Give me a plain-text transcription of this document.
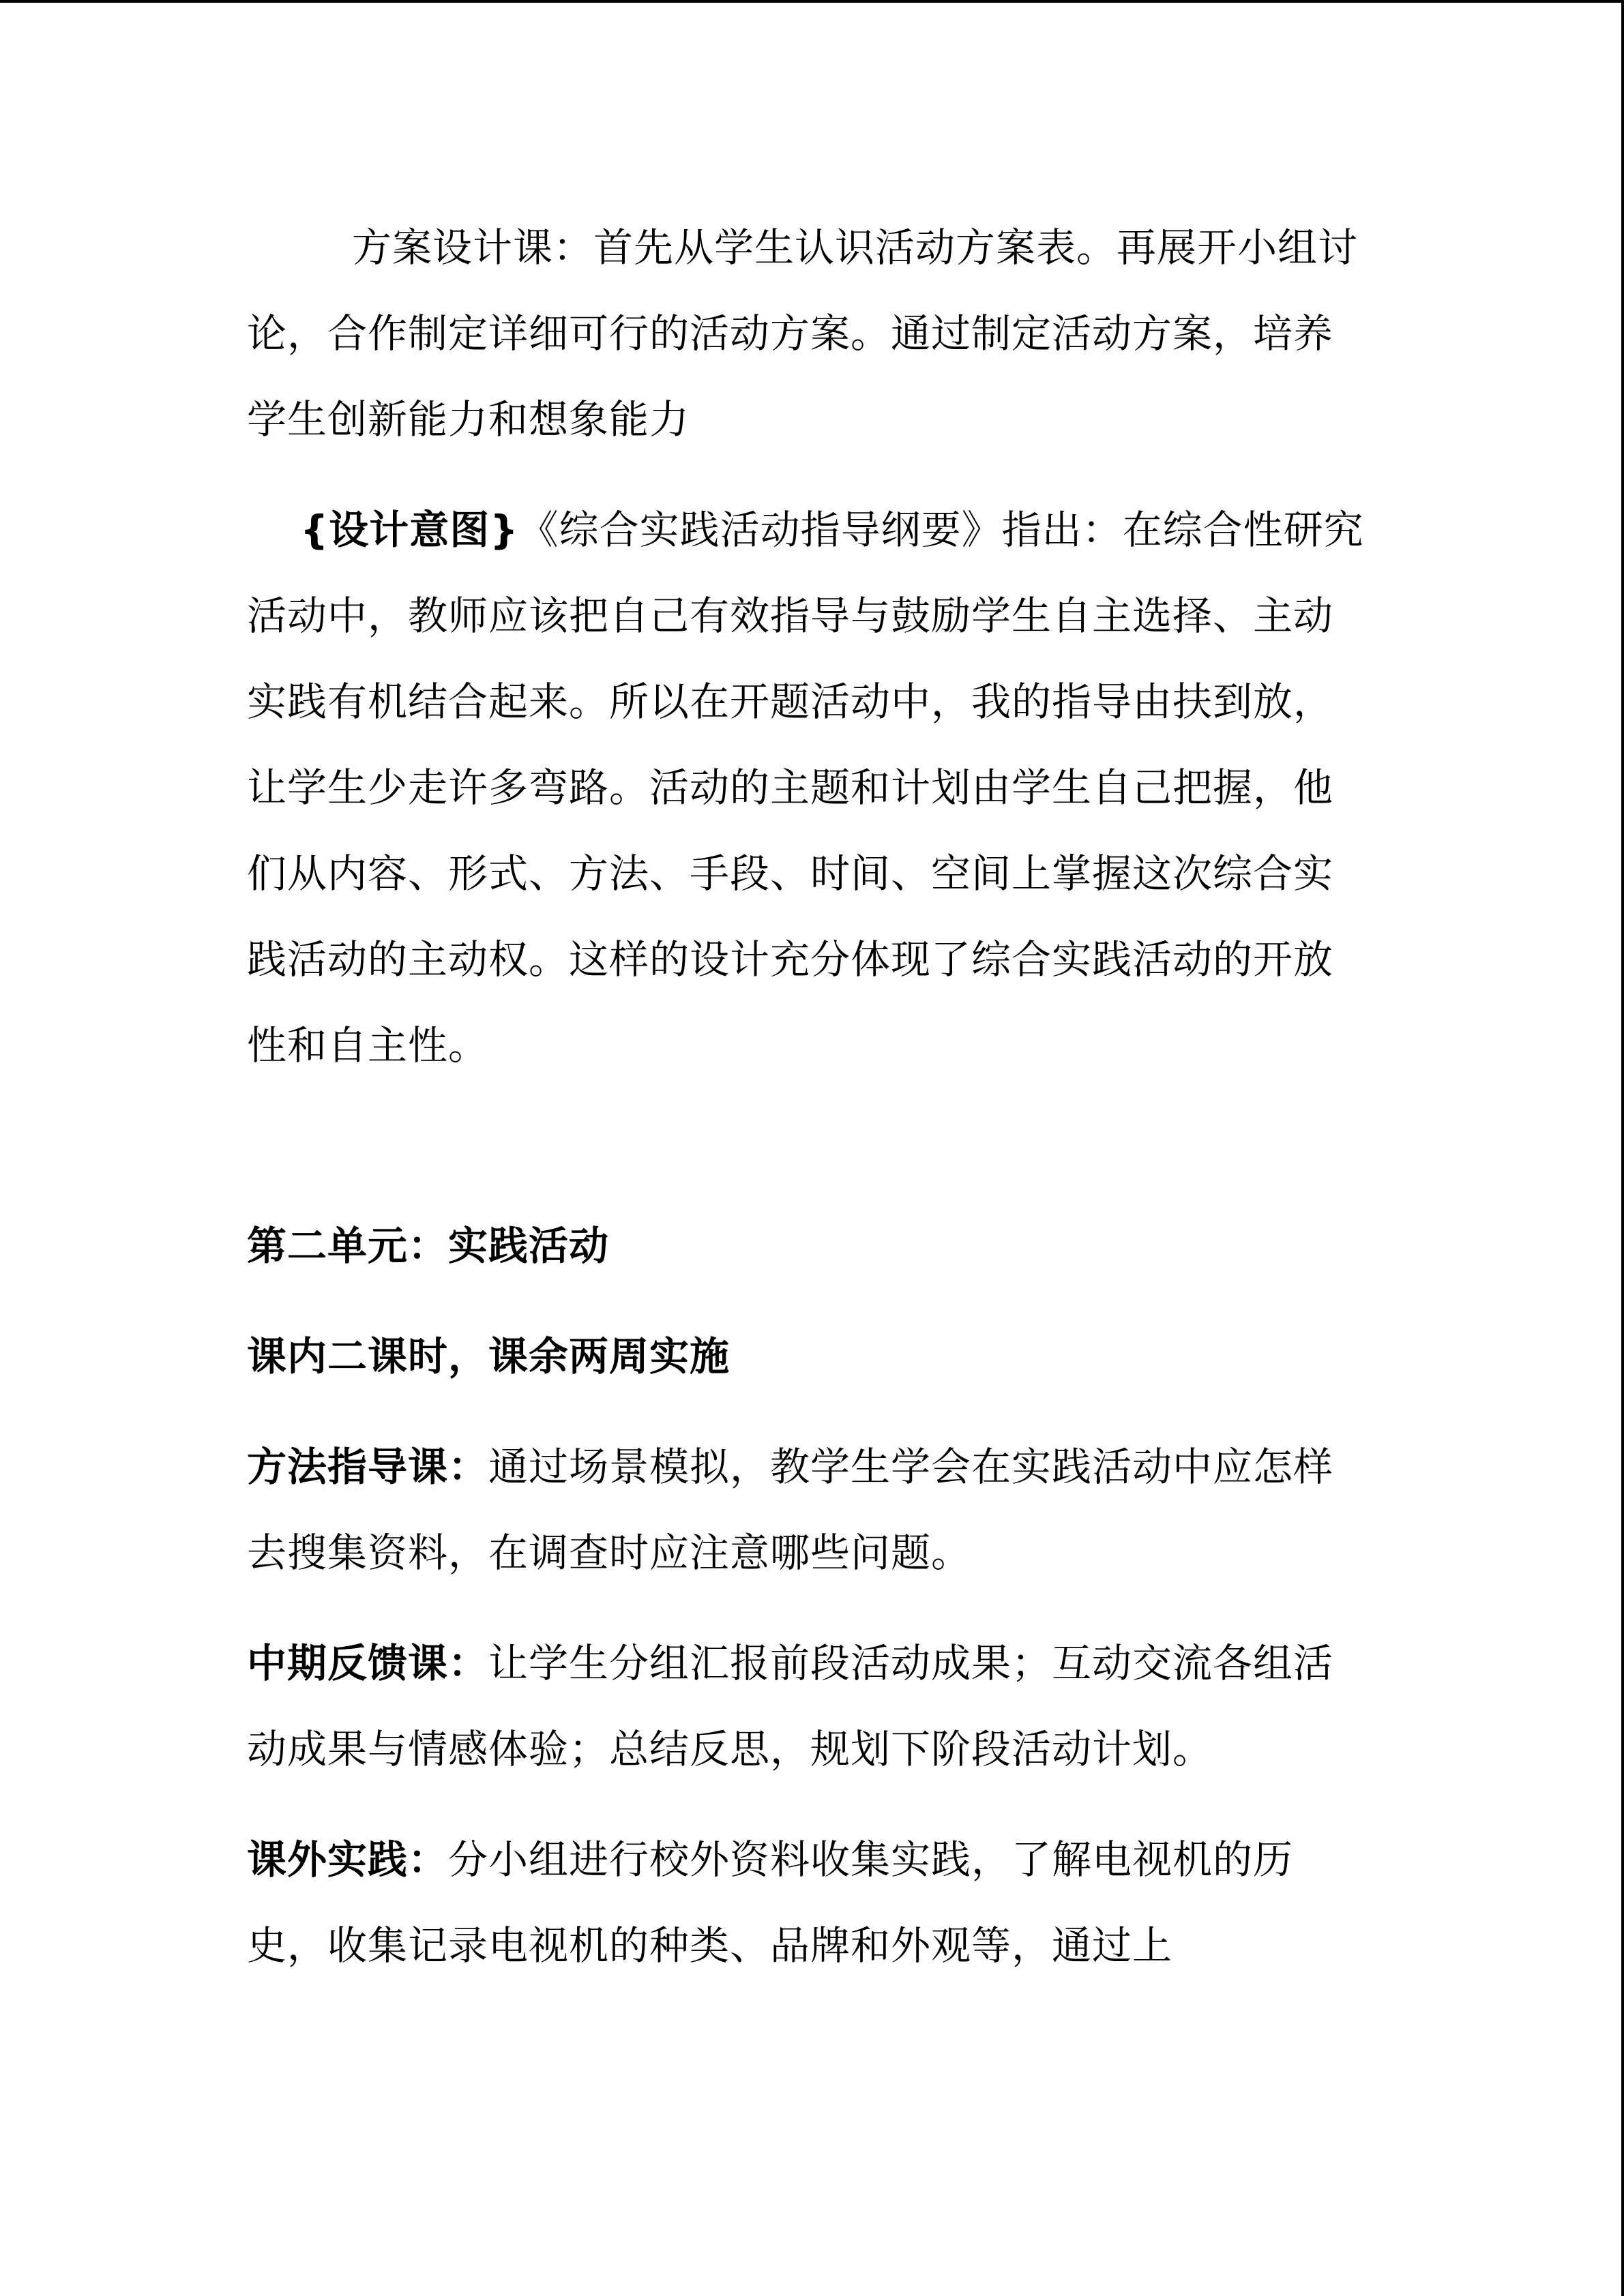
方案设计课：首先从学生认识活动方案表。再展开小组讨论，合作制定详细可行的活动方案。通过制定活动方案，培养学生创新能力和想象能力

{设计意图}《综合实践活动指导纲要》指出：在综合性研究活动中，教师应该把自己有效指导与鼓励学生自主选择、主动实践有机结合起来。所以在开题活动中，我的指导由扶到放，让学生少走许多弯路。活动的主题和计划由学生自己把握，他们从内容、形式、方法、手段、时间、空间上掌握这次综合实践活动的主动权。这样的设计充分体现了综合实践活动的开放性和自主性。

第二单元：实践活动

课内二课时，课余两周实施

方法指导课：通过场景模拟，教学生学会在实践活动中应怎样去搜集资料，在调查时应注意哪些问题。

中期反馈课：让学生分组汇报前段活动成果；互动交流各组活动成果与情感体验；总结反思，规划下阶段活动计划。

课外实践：分小组进行校外资料收集实践，了解电视机的历史，收集记录电视机的种类、品牌和外观等，通过上
